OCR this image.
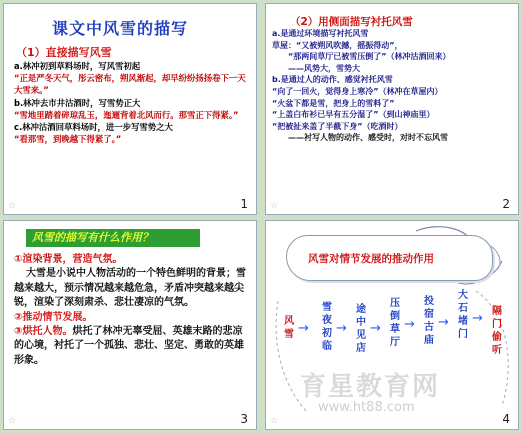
课文中风雪的描写
（1）直接描写风雪
a.林冲初到草料场时，写风雪初起
“正是严冬天气，彤云密布，朔风渐起，却早纷纷扬扬卷下一天大雪来。”
b.林冲去市井沽酒时，写雪势正大
“雪地里踏着碎琼乱玉，迤逦背着北风而行。那雪正下得紧。”
c.林冲沽酒回草料场时，进一步写雪势之大
“看那雪，到晚越下得紧了。”
☆	1
（2）用侧面描写衬托风雪
a.是通过环境描写衬托风雪
草屋：“又被朔风吹撼，摇振得动”，
　　“那两间草厅已被雪压倒了”（林冲沽酒回来）
　　——风势大，雪势大
b.是通过人的动作、感觉衬托风雪
“向了一回火，觉得身上寒冷”（林冲在草屋内）
“火盆下都是雪，把身上的雪料了”
“上盖白布衫已早有五分湿了”（到山神庙里）
“把被扯来盖了半截下身”（吃酒时）
　　——衬写人物的动作、感受时，对时不忘风雪
☆	2
风雪的描写有什么作用？
①渲染背景，营造气氛。
大雪是小说中人物活动的一个特色鲜明的背景；雪越来越大，预示情况越来越危急，矛盾冲突越来越尖锐，渲染了深刻肃杀、悲壮凄凉的气氛。
②推动情节发展。
③烘托人物。烘托了林冲无辜受屈、英雄末路的悲凉的心境，衬托了一个孤独、悲壮、坚定、勇敢的英雄形象。
☆	3
风雪对情节发展的推动作用
风雪 →
雪夜初临
→
途中见店
→
压倒草厅
→
投宿古庙
→
大石堵门
→ 隔门偷听
☆	4
育星教育网
www.ht88.com
